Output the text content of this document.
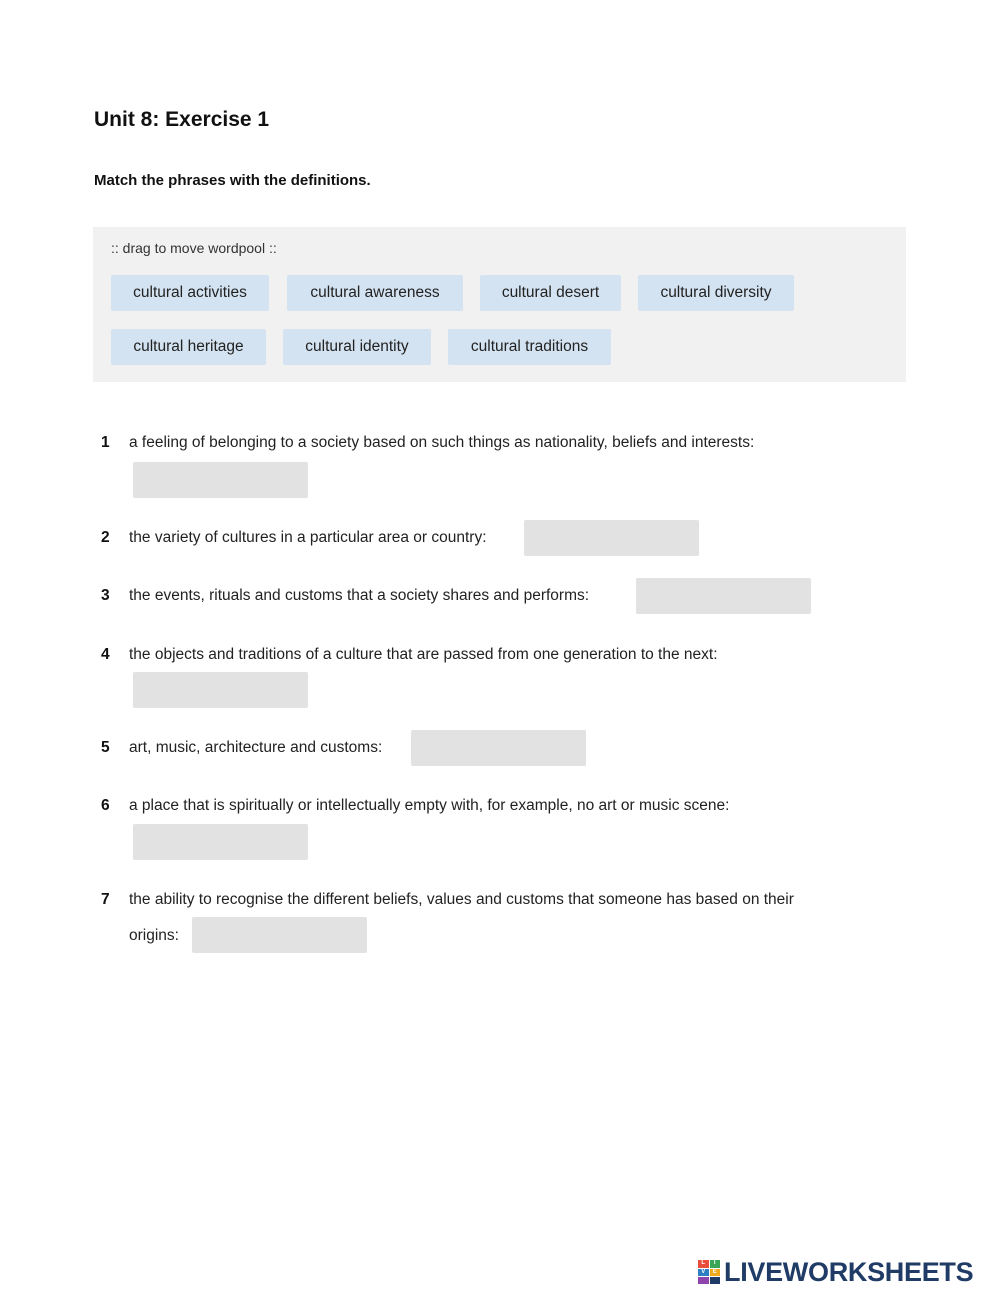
Unit 8: Exercise 1
Match the phrases with the definitions.
:: drag to move wordpool ::
cultural activities	cultural awareness	cultural desert	cultural diversity
cultural heritage	cultural identity	cultural traditions
1 a feeling of belonging to a society based on such things as nationality, beliefs and interests:
2 the variety of cultures in a particular area or country:
3 the events, rituals and customs that a society shares and performs:
4 the objects and traditions of a culture that are passed from one generation to the next:
5 art, music, architecture and customs:
6 a place that is spiritually or intellectually empty with, for example, no art or music scene:
7 the ability to recognise the different beliefs, values and customs that someone has based on their
origins:
L	I
V	E LIVEWORKSHEETS
